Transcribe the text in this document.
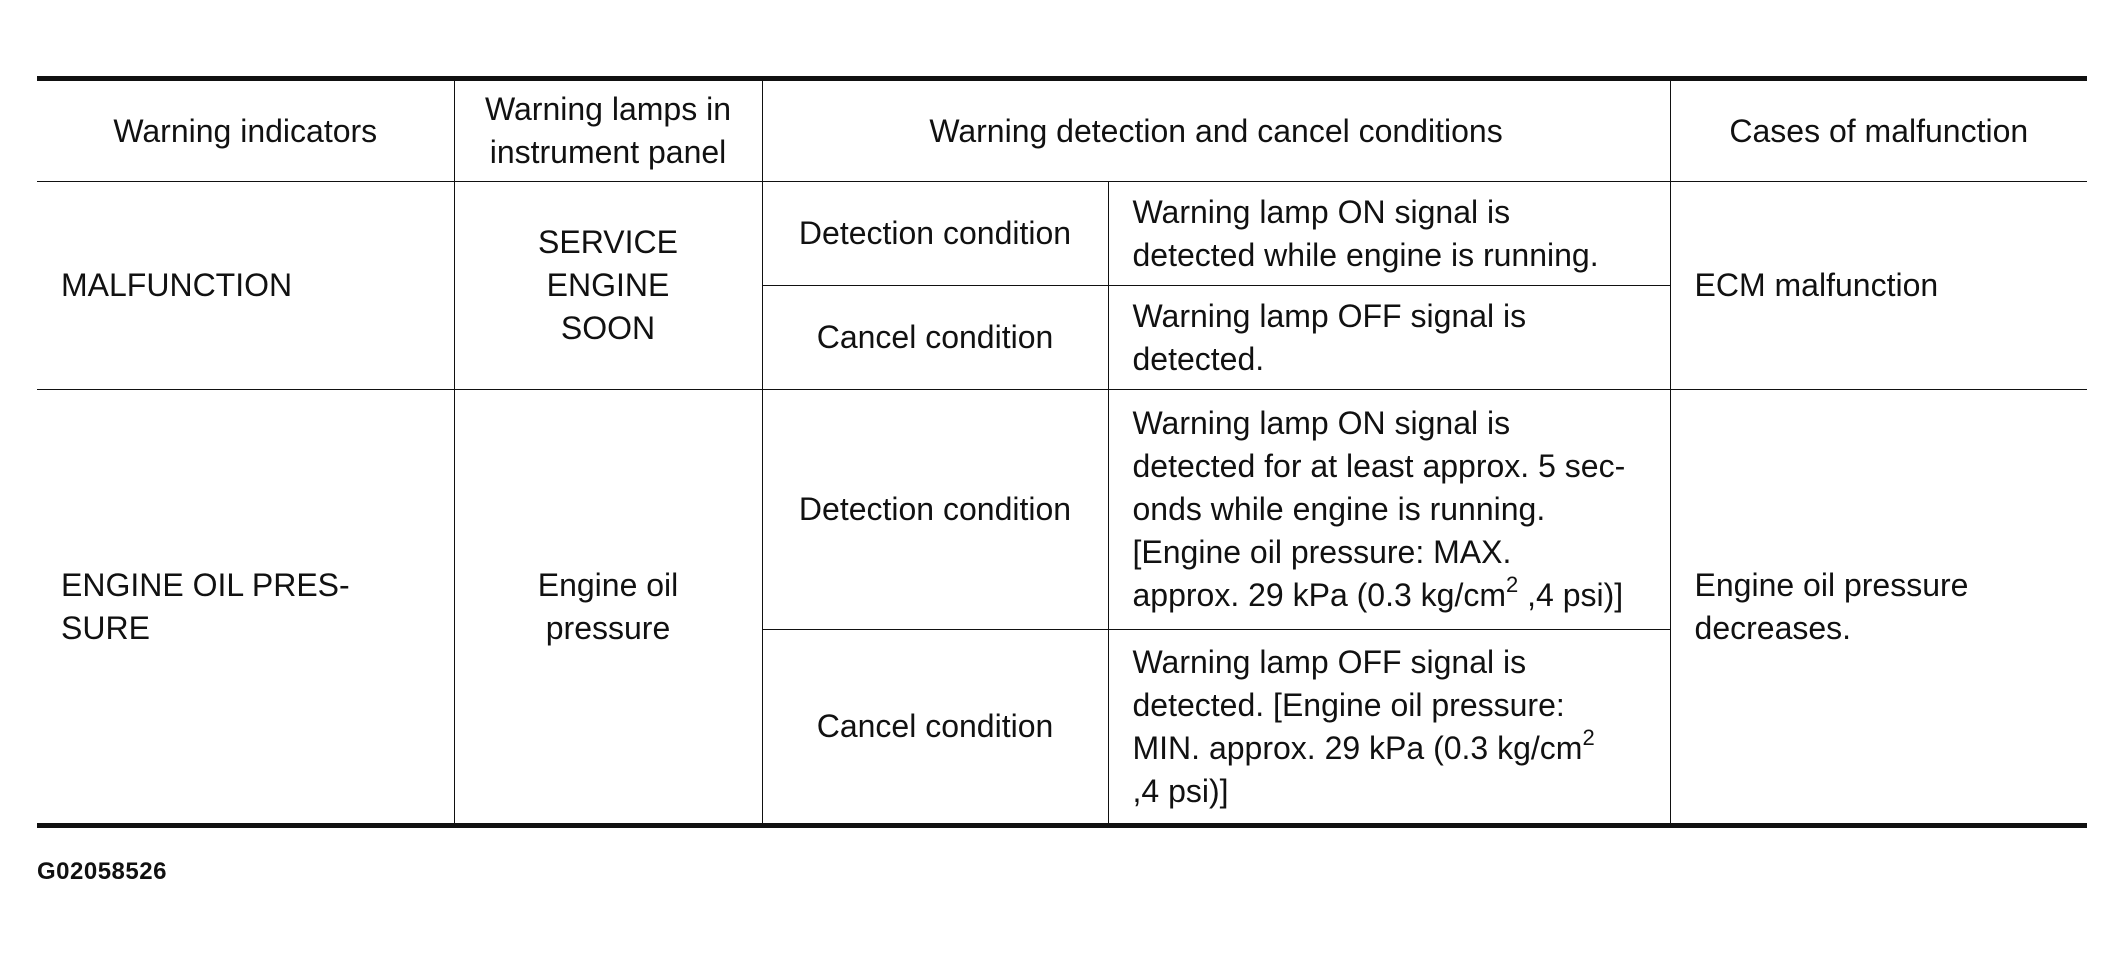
Warning indicators	Warning lamps in
instrument panel	Warning detection and cancel conditions		Cases of malfunction
MALFUNCTION	SERVICE
ENGINE
SOON	Detection condition	Warning lamp ON signal is
detected while engine is running.	ECM malfunction
		Cancel condition	Warning lamp OFF signal is
detected.	

ENGINE OIL PRES-
SURE	Engine oil
pressure	Detection condition	Warning lamp ON signal is
detected for at least approx. 5 sec-
onds while engine is running.
[Engine oil pressure: MAX.
approx. 29 kPa (0.3 $kg/cm^2$ ,4 psi)]	Engine oil pressure
decreases.

		Cancel condition	Warning lamp OFF signal is
detected. [Engine oil pressure:
MIN. approx. 29 kPa (0.3 $kg/cm^2$
,4 psi)]	
G02058526
